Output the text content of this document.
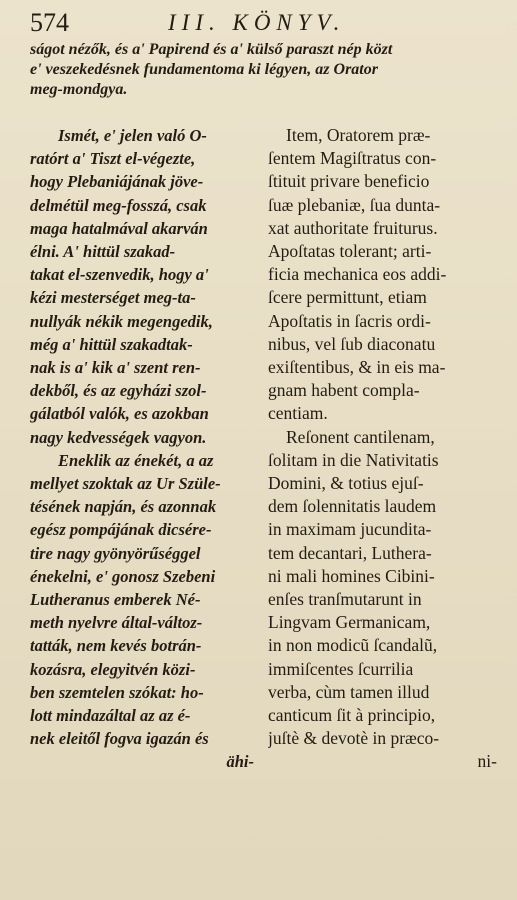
574	III. KÖNYV.
ságot nézők, és a' Papirend és a' külső paraszt nép közt
e' veszekedésnek fundamentoma ki légyen, az Orator
meg-mondgya.
Ismét, e' jelen való O-
ratórt a' Tiszt el-végezte,
hogy Plebaniájának jöve-
delmétül meg-fosszá, csak
maga hatalmával akarván
élni. A' hittül szakad-
takat el-szenvedik, hogy a'
kézi mesterséget meg-ta-
nullyák nékik megengedik,
még a' hittül szakadtak-
nak is a' kik a' szent ren-
dekből, és az egyházi szol-
gálatból valók, es azokban
nagy kedvességek vagyon.
Eneklik az énekét, a az
mellyet szoktak az Ur Szüle-
tésének napján, és azonnak
egész pompájának dicsére-
tire nagy gyönyörűséggel
énekelni, e' gonosz Szebeni
Lutheranus emberek Né-
meth nyelvre által-változ-
tatták, nem kevés botrán-
kozásra, elegyitvén közi-
ben szemtelen szókat: ho-
lott mindazáltal az az é-
nek eleitől fogva igazán és
ähi-
Item, Oratorem præ-
ſentem Magiſtratus con-
ſtituit privare beneficio
ſuæ plebaniæ, ſua dunta-
xat authoritate fruiturus.
Apoſtatas tolerant; arti-
ficia mechanica eos addi-
ſcere permittunt, etiam
Apoſtatis in ſacris ordi-
nibus, vel ſub diaconatu
exiſtentibus, & in eis ma-
gnam habent compla-
centiam.
Reſonent cantilenam,
ſolitam in die Nativitatis
Domini, & totius ejuſ-
dem ſolennitatis laudem
in maximam jucundita-
tem decantari, Luthera-
ni mali homines Cibini-
enſes tranſmutarunt in
Lingvam Germanicam,
in non modicũ ſcandalũ,
immiſcentes ſcurrilia
verba, cùm tamen illud
canticum ſit à principio,
juſtè & devotè in præco-
ni-
